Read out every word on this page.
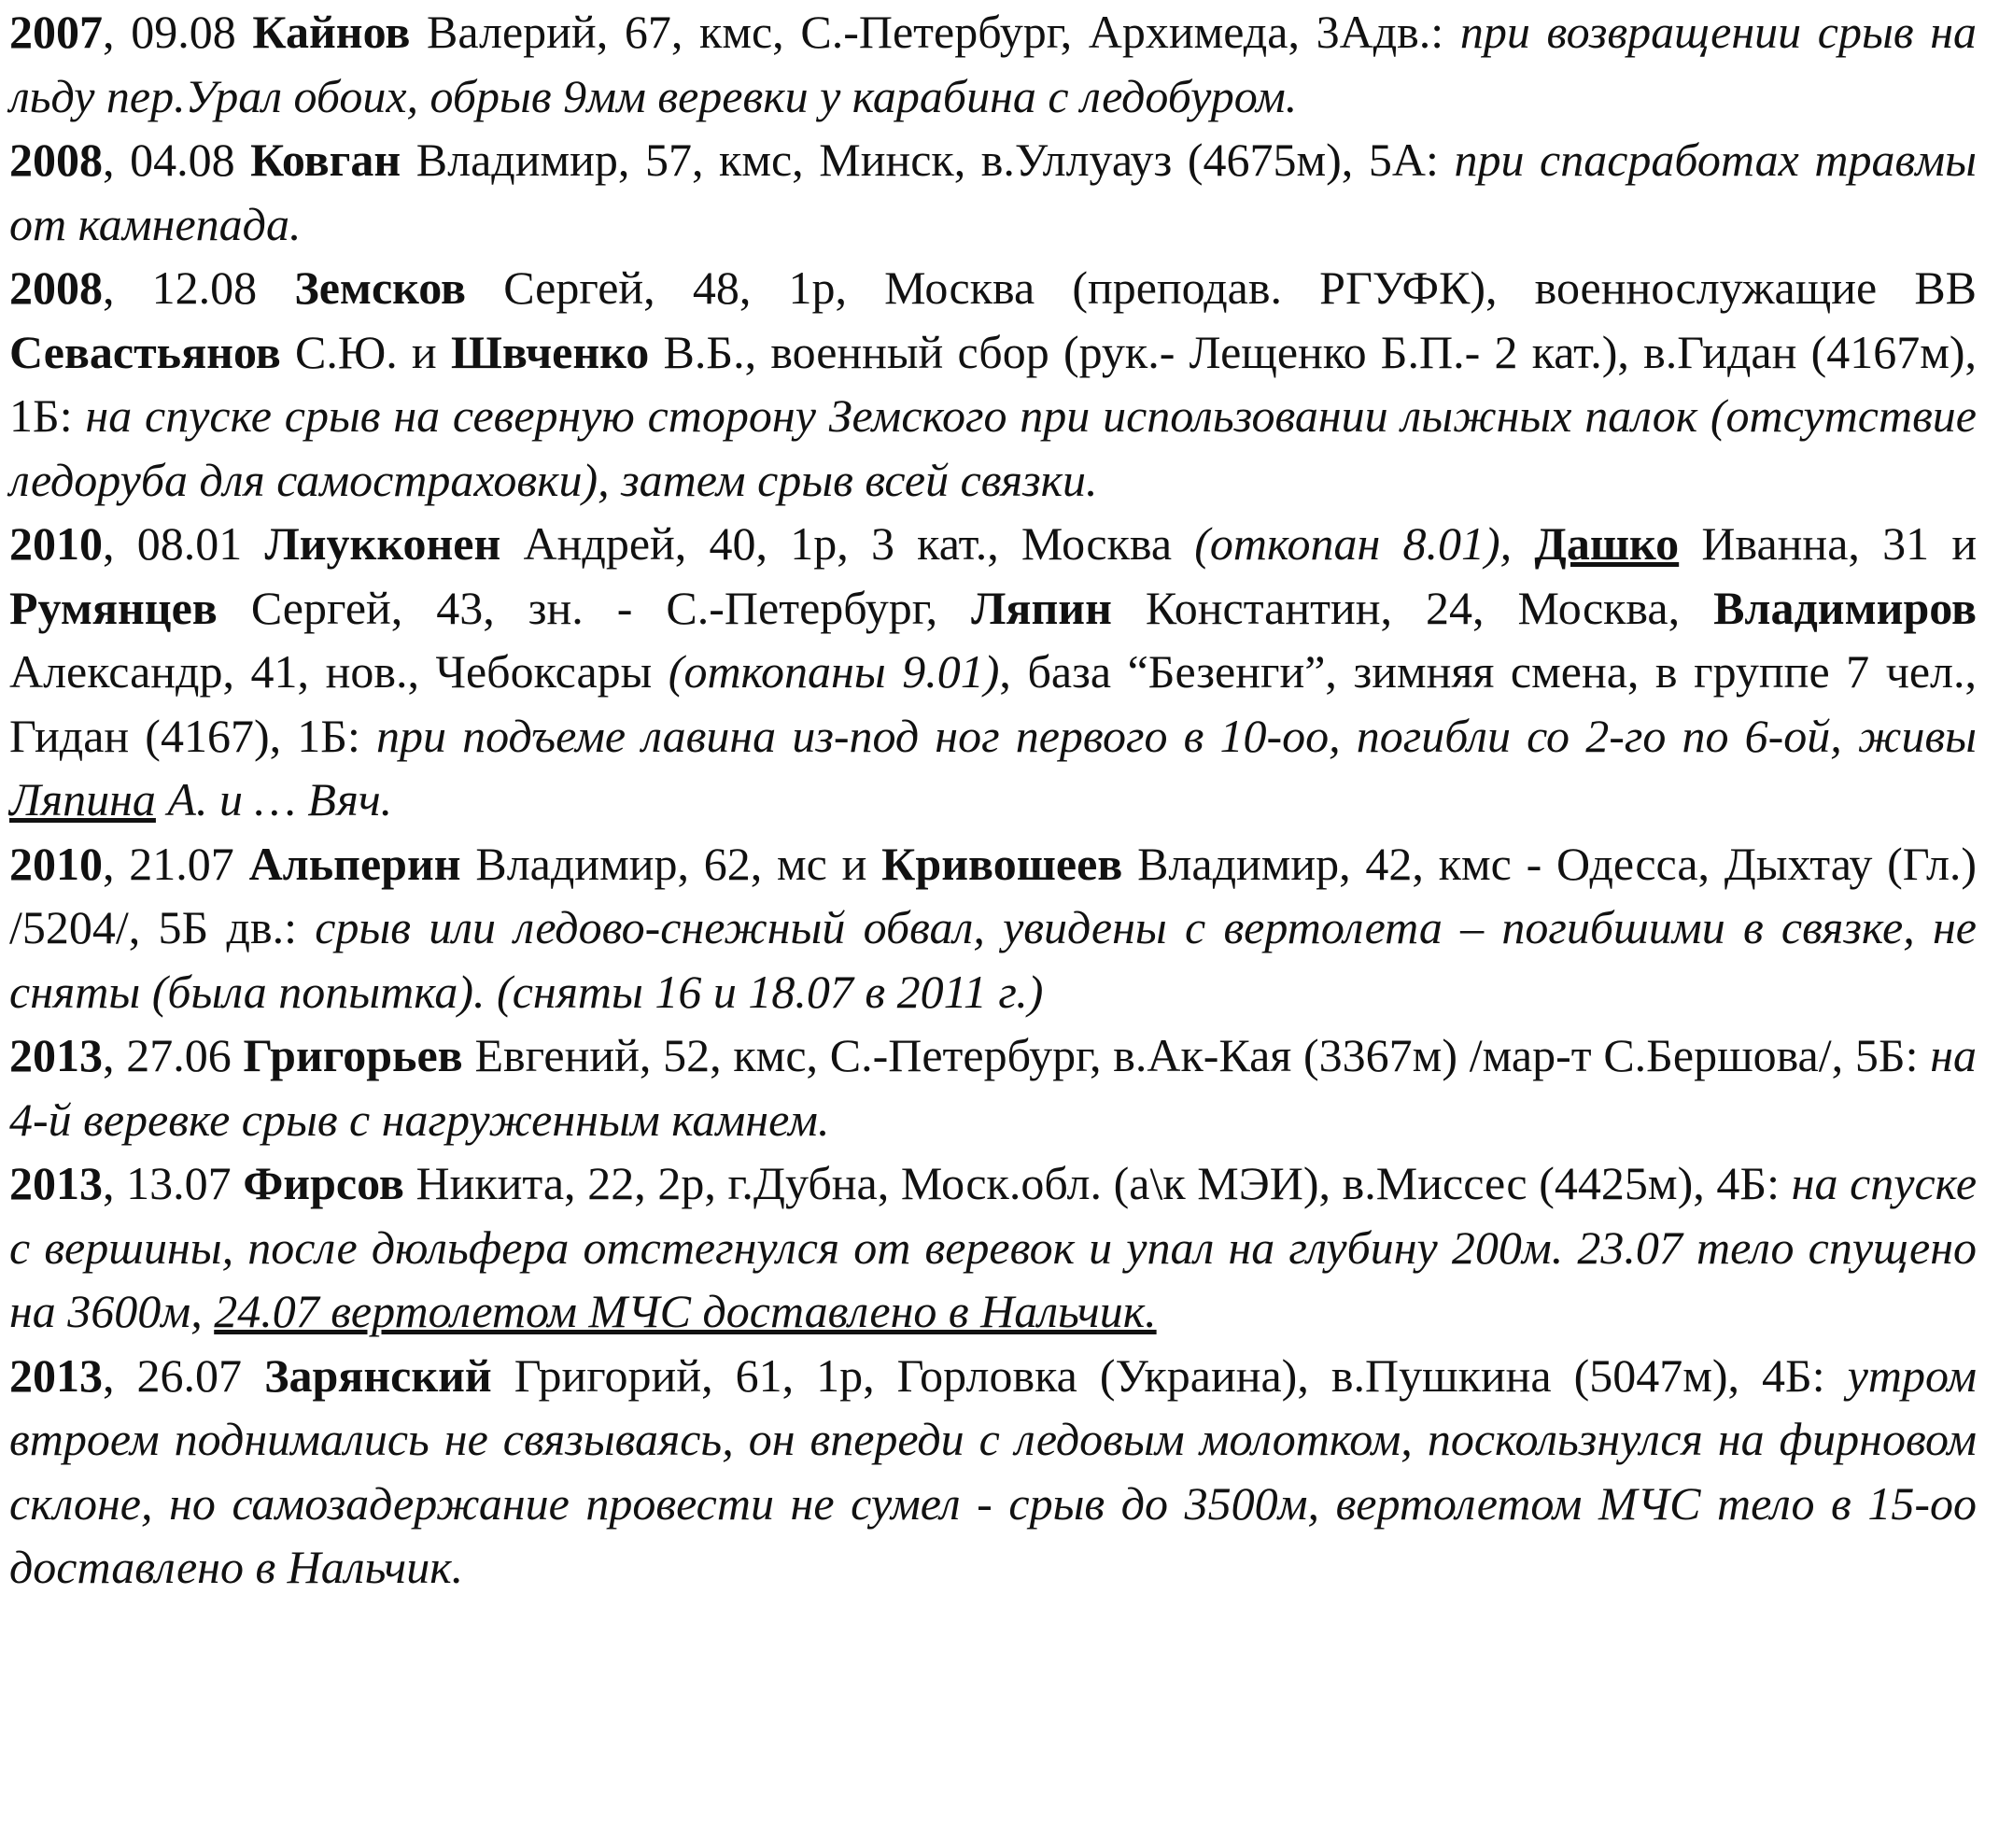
2007, 09.08 Кайнов Валерий, 67, кмс, С.-Петербург, Архимеда, 3Адв.: при возвращении срыв на льду пер.Урал обоих, обрыв 9мм веревки у карабина с ледобуром.

2008, 04.08 Ковган Владимир, 57, кмс, Минск, в.Уллуауз (4675м), 5А: при спасработах травмы от камнепада.

2008, 12.08 Земсков Сергей, 48, 1р, Москва (преподав. РГУФК), военнослужащие ВВ Севастьянов С.Ю. и Швченко В.Б., военный сбор (рук.- Лещенко Б.П.- 2 кат.), в.Гидан (4167м), 1Б: на спуске срыв на северную сторону Земского при использовании лыжных палок (отсутствие ледоруба для самостраховки), затем срыв всей связки.

2010, 08.01 Лиукконен Андрей, 40, 1р, 3 кат., Москва (откопан 8.01), Дашко Иванна, 31 и Румянцев Сергей, 43, зн. - С.-Петербург, Ляпин Константин, 24, Москва, Владимиров Александр, 41, нов., Чебоксары (откопаны 9.01), база “Безенги”, зимняя смена, в группе 7 чел., Гидан (4167), 1Б: при подъеме лавина из-под ног первого в 10-оо, погибли со 2-го по 6-ой, живы Ляпина А. и … Вяч.

2010, 21.07 Альперин Владимир, 62, мс и Кривошеев Владимир, 42, кмс - Одесса, Дыхтау (Гл.) /5204/, 5Б дв.: срыв или ледово-снежный обвал, увидены с вертолета – погибшими в связке, не сняты (была попытка). (сняты 16 и 18.07 в 2011 г.)

2013, 27.06 Григорьев Евгений, 52, кмс, С.-Петербург, в.Ак-Кая (3367м) /мар-т С.Бершова/, 5Б: на 4-й веревке срыв с нагруженным камнем.

2013, 13.07 Фирсов Никита, 22, 2р, г.Дубна, Моск.обл. (а\к МЭИ), в.Миссес (4425м), 4Б: на спуске с вершины, после дюльфера отстегнулся от веревок и упал на глубину 200м. 23.07 тело спущено на 3600м, 24.07 вертолетом МЧС доставлено в Нальчик.

2013, 26.07 Зарянский Григорий, 61, 1р, Горловка (Украина), в.Пушкина (5047м), 4Б: утром втроем поднимались не связываясь, он впереди с ледовым молотком, поскользнулся на фирновом склоне, но самозадержание провести не сумел - срыв до 3500м, вертолетом МЧС тело в 15-оо доставлено в Нальчик.
